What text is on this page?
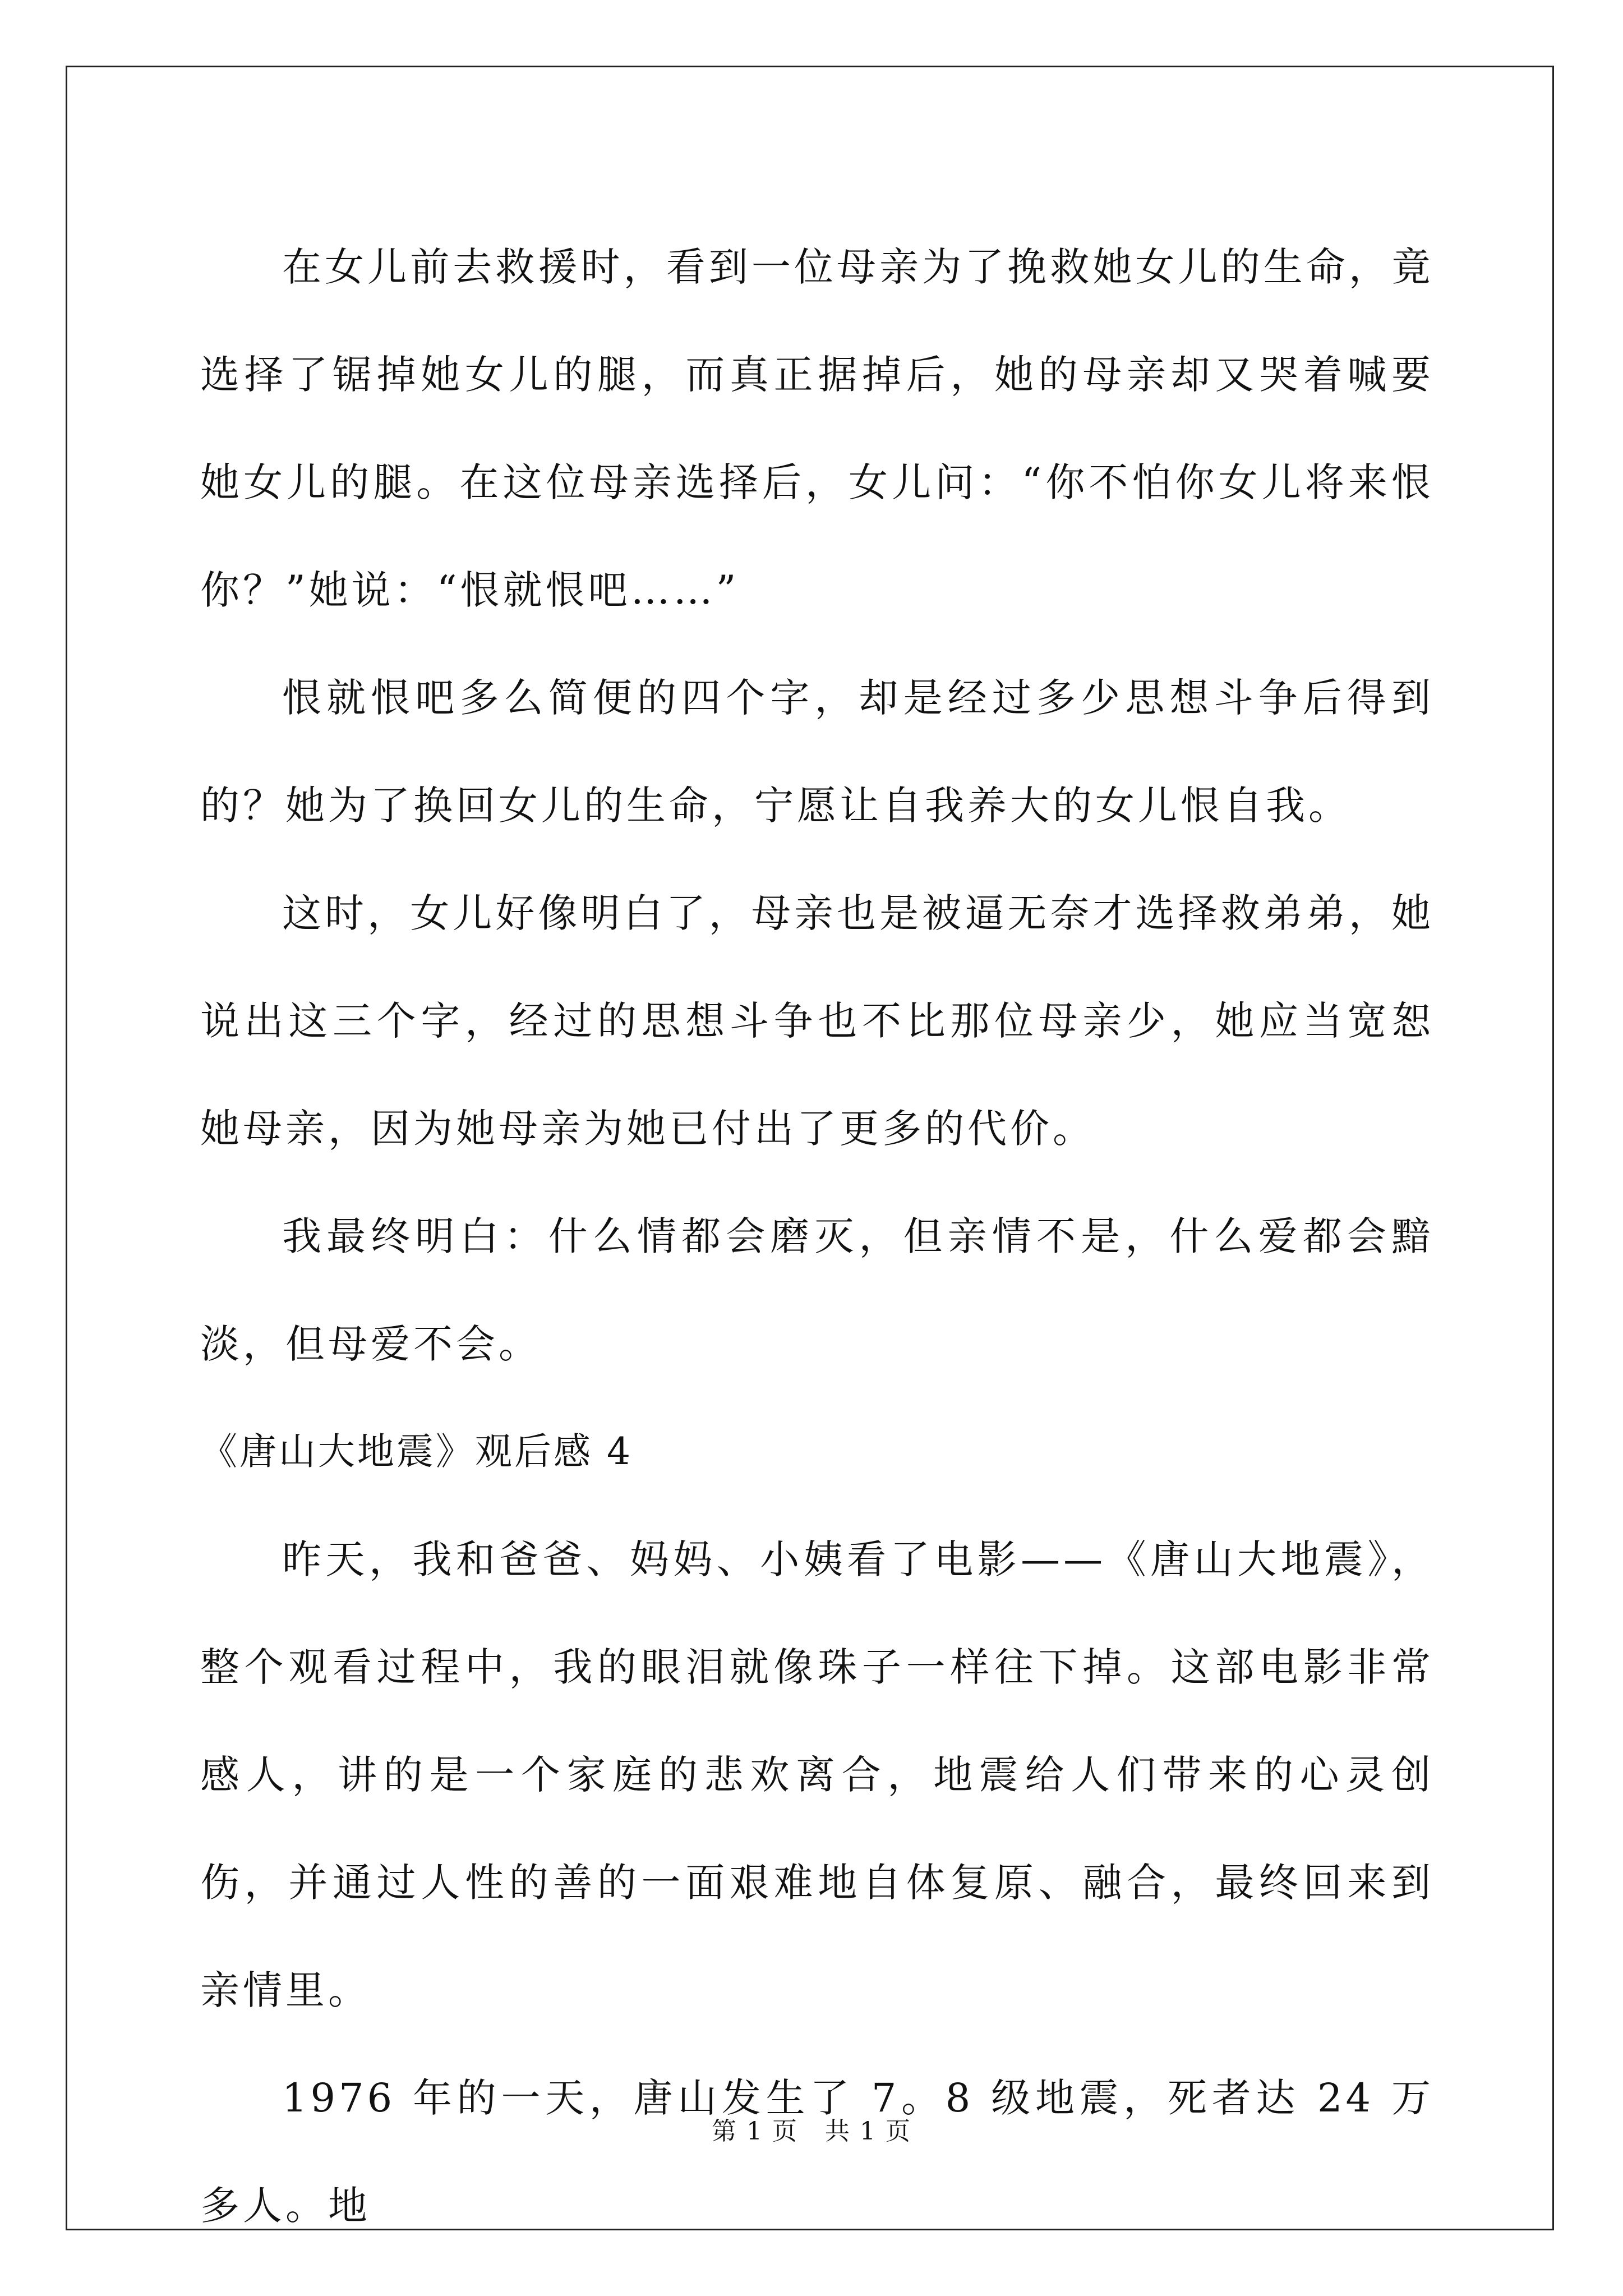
在女儿前去救援时，看到一位母亲为了挽救她女儿的生命，竟选择了锯掉她女儿的腿，而真正据掉后，她的母亲却又哭着喊要她女儿的腿。在这位母亲选择后，女儿问：“你不怕你女儿将来恨你？”她说：“恨就恨吧……”

恨就恨吧多么简便的四个字，却是经过多少思想斗争后得到的？她为了换回女儿的生命，宁愿让自我养大的女儿恨自我。

这时，女儿好像明白了，母亲也是被逼无奈才选择救弟弟，她说出这三个字，经过的思想斗争也不比那位母亲少，她应当宽恕她母亲，因为她母亲为她已付出了更多的代价。

我最终明白：什么情都会磨灭，但亲情不是，什么爱都会黯淡，但母爱不会。

《唐山大地震》观后感 4

昨天，我和爸爸、妈妈、小姨看了电影——《唐山大地震》，整个观看过程中，我的眼泪就像珠子一样往下掉。这部电影非常感人，讲的是一个家庭的悲欢离合，地震给人们带来的心灵创伤，并通过人性的善的一面艰难地自体复原、融合，最终回来到亲情里。

1976 年的一天，唐山发生了 7。8 级地震，死者达 24 万多人。地

第 1 页 共 1 页
